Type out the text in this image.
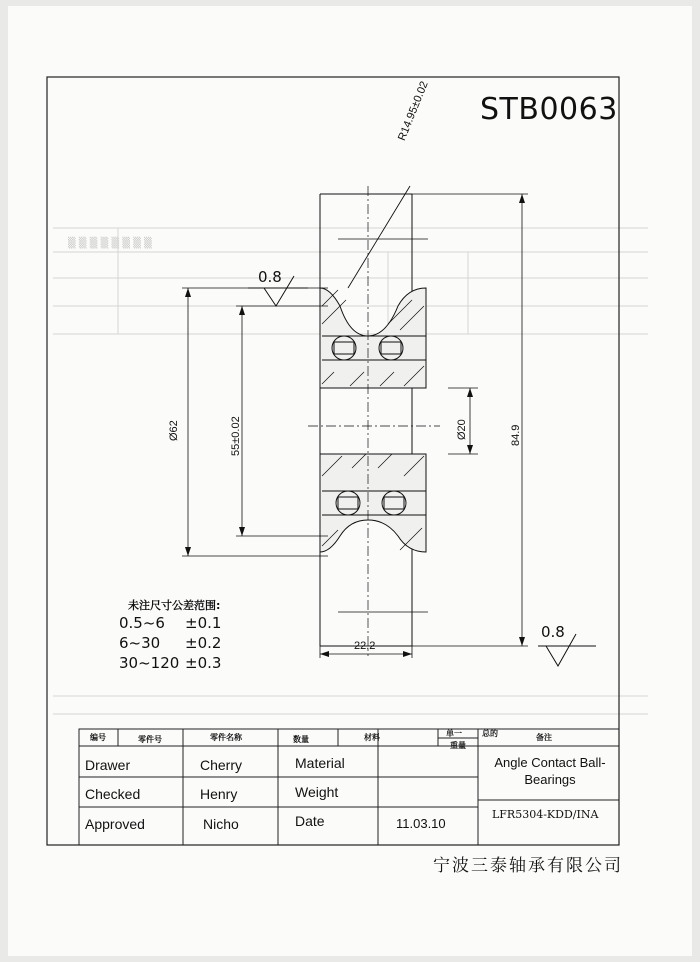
▒ ▒ ▒ ▒ ▒ ▒ ▒ ▒
STB0063
R14.95±0.02
0.8
0.8
Ø62	55±0.02	Ø20	84.9
22.2
未注尺寸公差范围:
0.5~6 ±0.1
6~30 ±0.2
30~120 ±0.3
编号	零件号	零件名称	数量	材料	单一	总的	备注
重量
Drawer	Cherry	Material
Checked	Henry	Weight
Approved	Nicho	Date	11.03.10
Angle Contact Ball-Bearings
LFR5304-KDD/INA
宁波三泰轴承有限公司
